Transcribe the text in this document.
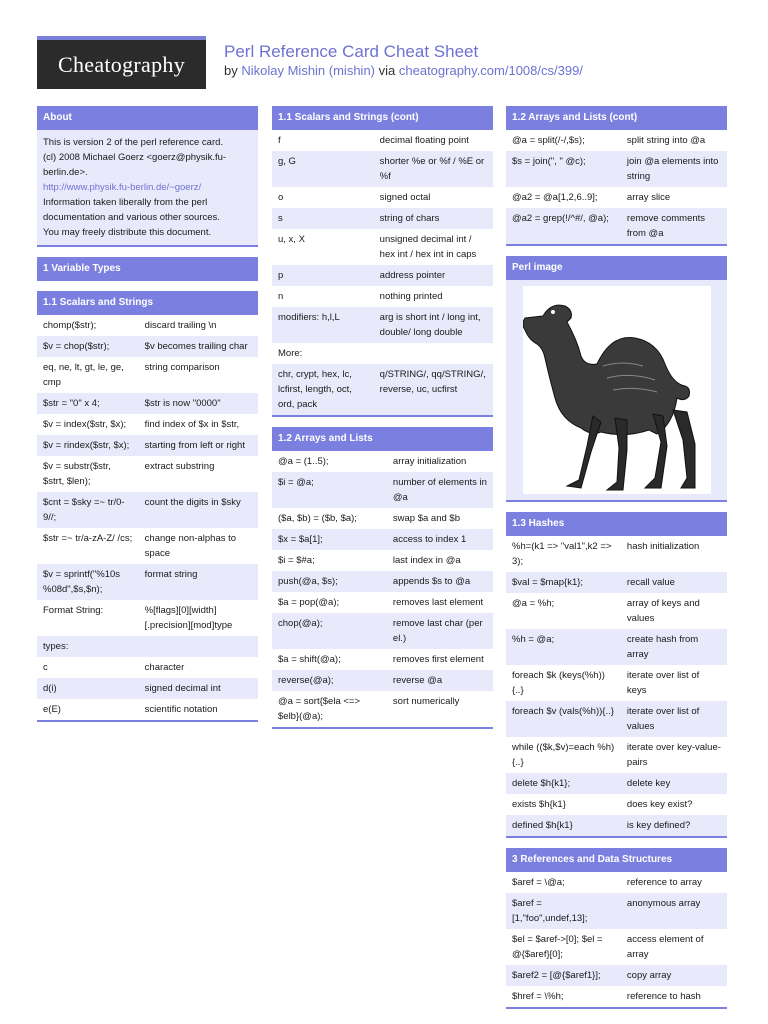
Cheatography	Perl Reference Card Cheat Sheet
by Nikolay Mishin (mishin) via cheatography.com/1008/cs/399/
About
This is version 2 of the perl reference card.
(cl) 2008 Michael Goerz <goerz@physik.fu-berlin.de>.
http://www.physik.fu-berlin.de/~goerz/
Information taken liberally from the perl documentation and various other sources.
You may freely distribute this document.
1 Variable Types
1.1 Scalars and Strings
chomp($str);	discard trailing \n
$v = chop($str);	$v becomes trailing char
eq, ne, lt, gt, le, ge, cmp	string comparison
$str = "0" x 4;	$str is now "0000"
$v = index($str, $x);	find index of $x in $str,
$v = rindex($str, $x);	starting from left or right
$v = substr($str, $strt, $len);	extract substring
$cnt = $sky =~ tr/0-9//;	count the digits in $sky
$str =~ tr/a-zA-Z/ /cs;	change non-alphas to space
$v = sprintf("%10s %08d",$s,$n);	format string
Format String:	%[flags][0][width][.precision][mod]type
types:	
c	character
d(i)	signed decimal int
e(E)	scientific notation
1.1 Scalars and Strings (cont)
f	decimal floating point
g, G	shorter %e or %f / %E or %f
o	signed octal
s	string of chars
u, x, X	unsigned decimal int / hex int / hex int in caps
p	address pointer
n	nothing printed
modifiers: h,l,L	arg is short int / long int, double/ long double
More:	
chr, crypt, hex, lc, lcfirst, length, oct, ord, pack	q/STRING/, qq/STRING/, reverse, uc, ucfirst
1.2 Arrays and Lists
@a = (1..5);	array initialization
$i = @a;	number of elements in @a
($a, $b) = ($b, $a);	swap $a and $b
$x = $a[1];	access to index 1
$i = $#a;	last index in @a
push(@a, $s);	appends $s to @a
$a = pop(@a);	removes last element
chop(@a);	remove last char (per el.)
$a = shift(@a);	removes first element
reverse(@a);	reverse @a
@a = sort{$ela <=> $elb}(@a);	sort numerically
1.2 Arrays and Lists (cont)
@a = split(/-/,$s);	split string into @a
$s = join(", " @c);	join @a elements into string
@a2 = @a[1,2,6..9];	array slice
@a2 = grep(!/^#/, @a);	remove comments from @a
Perl image
1.3 Hashes
%h=(k1 => "val1",k2 => 3);	hash initialization
$val = $map{k1};	recall value
@a = %h;	array of keys and values
%h = @a;	create hash from array
foreach $k (keys(%h)){..}	iterate over list of keys
foreach $v (vals(%h)){..}	iterate over list of values
while (($k,$v)=each %h){..}	iterate over key-value-pairs
delete $h{k1};	delete key
exists $h{k1}	does key exist?
defined $h{k1}	is key defined?
3 References and Data Structures
$aref = \@a;	reference to array
$aref = [1,"foo",undef,13];	anonymous array
$el = $aref->[0]; $el = @{$aref}[0];	access element of array
$aref2 = [@{$aref1}];	copy array
$href = \%h;	reference to hash
